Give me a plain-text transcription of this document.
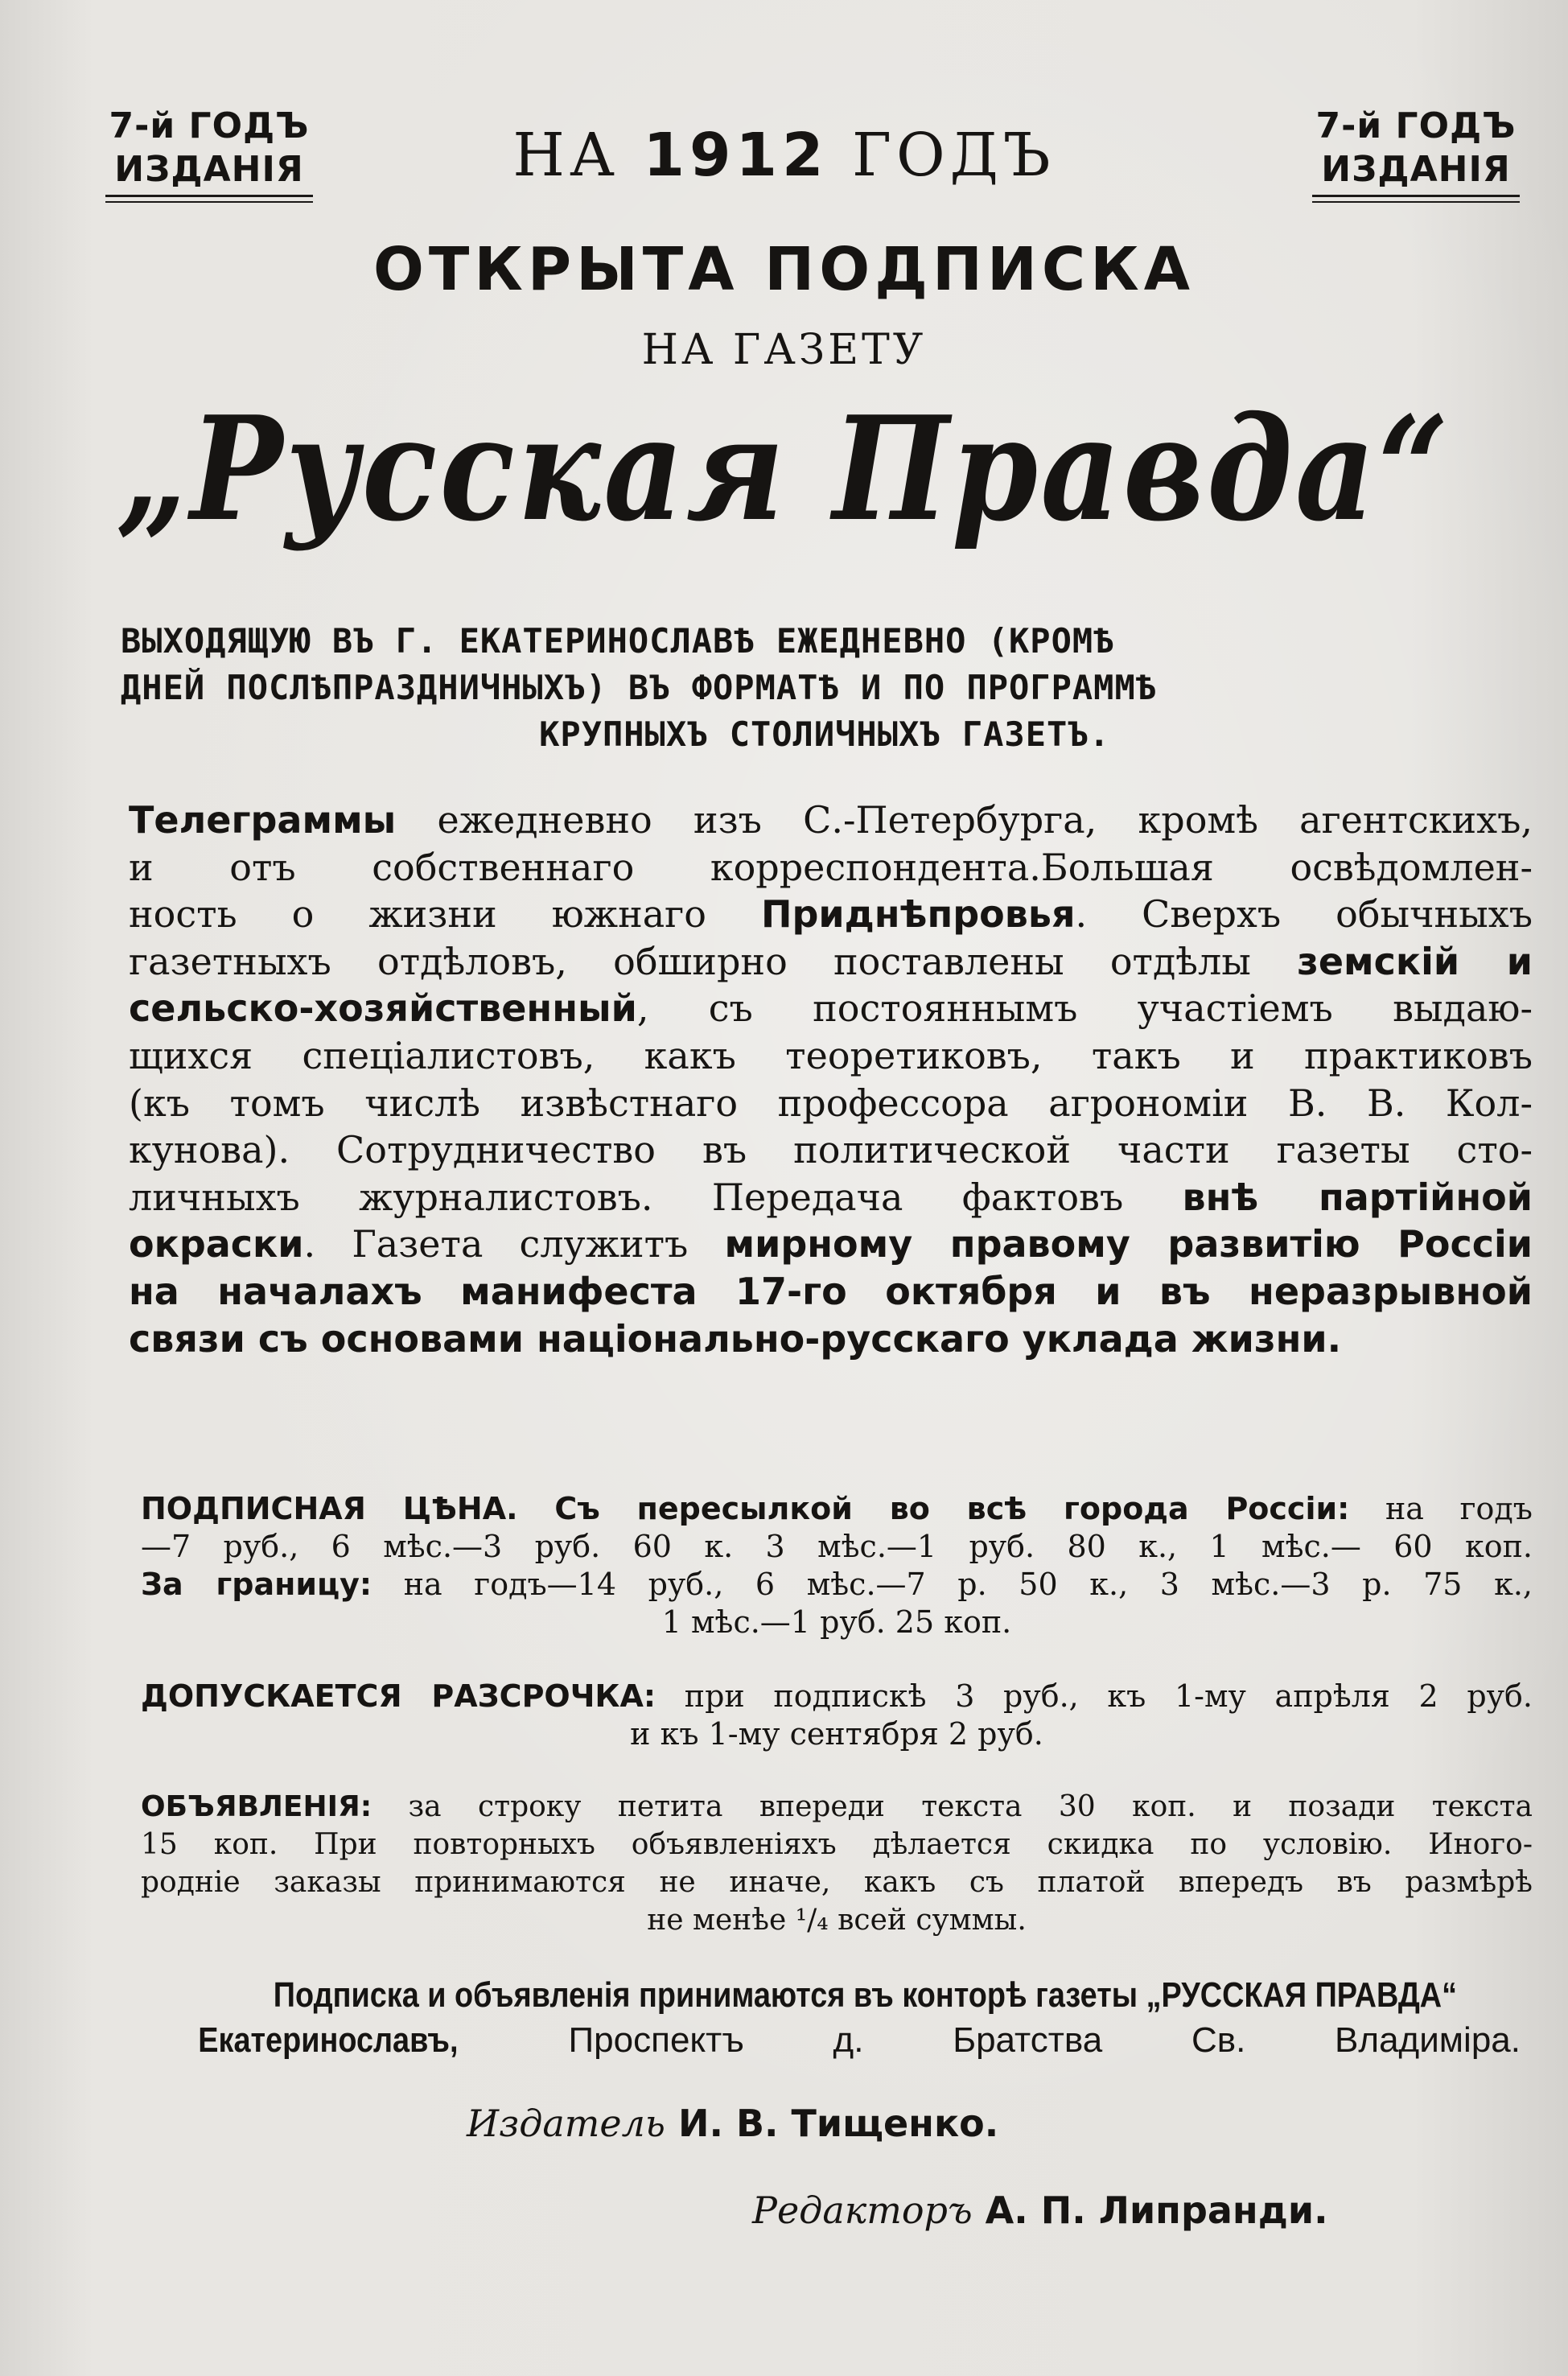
7-й ГОДЪ
ИЗДАНІЯ
7-й ГОДЪ
ИЗДАНІЯ
НА 1912 ГОДЪ
ОТКРЫТА ПОДПИСКА
НА ГАЗЕТУ
„Русская Правда“
ВЫХОДЯЩУЮ ВЪ Г. ЕКАТЕРИНОСЛАВѢ ЕЖЕДНЕВНО (КРОМѢ
ДНЕЙ ПОСЛѢПРАЗДНИЧНЫХЪ) ВЪ ФОРМАТѢ И ПО ПРОГРАММѢ
КРУПНЫХЪ СТОЛИЧНЫХЪ ГАЗЕТЪ.
Телеграммы ежедневно изъ С.-Петербурга, кромѣ агентскихъ,
и отъ собственнаго корреспондента.Большая освѣдомлен-
ность о жизни южнаго Приднѣпровья. Сверхъ обычныхъ
газетныхъ отдѣловъ, обширно поставлены отдѣлы земскій и
сельско-хозяйственный, съ постояннымъ участіемъ выдаю-
щихся спеціалистовъ, какъ теоретиковъ, такъ и практиковъ
(къ томъ числѣ извѣстнаго профессора агрономіи В. В. Кол-
кунова). Сотрудничество въ политической части газеты сто-
личныхъ журналистовъ. Передача фактовъ внѣ партійной
окраски. Газета служитъ мирному правому развитію Россіи
на началахъ манифеста 17-го октября и въ неразрывной
связи съ основами національно-русскаго уклада жизни.
ПОДПИСНАЯ ЦѢНА. Съ пересылкой во всѣ города Россіи: на годъ
—7 руб., 6 мѣс.—3 руб. 60 к. 3 мѣс.—1 руб. 80 к., 1 мѣс.— 60 коп.
За границу: на годъ—14 руб., 6 мѣс.—7 р. 50 к., 3 мѣс.—3 р. 75 к.,
1 мѣс.—1 руб. 25 коп.
ДОПУСКАЕТСЯ РАЗСРОЧКА: при подпискѣ 3 руб., къ 1-му апрѣля 2 руб.
и къ 1-му сентября 2 руб.
ОБЪЯВЛЕНІЯ: за строку петита впереди текста 30 коп. и позади текста
15 коп. При повторныхъ объявленіяхъ дѣлается скидка по условію. Иного-
родніе заказы принимаются не иначе, какъ съ платой впередъ въ размѣрѣ
не менѣе ¹/₄ всей суммы.
Подписка и объявленія принимаются въ конторѣ газеты „РУССКАЯ ПРАВДА“
Екатеринославъ, Проспектъ д. Братства Св. Владиміра.
Издатель И. В. Тищенко.
Редакторъ А. П. Липранди.
